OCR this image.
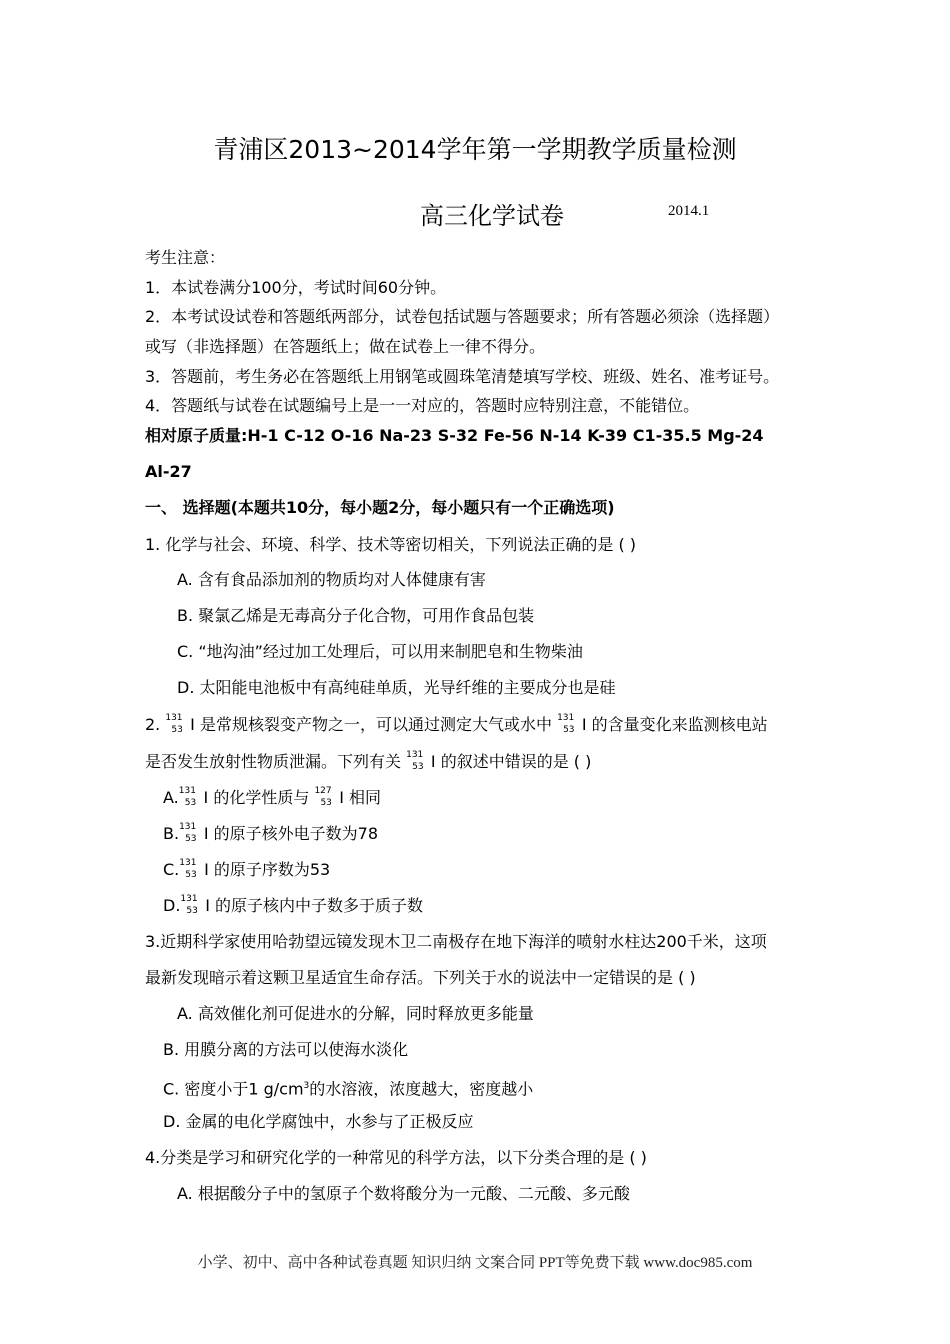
青浦区2013~2014学年第一学期教学质量检测
高三化学试卷	2014.1
考生注意：
1．本试卷满分100分，考试时间60分钟。
2．本考试设试卷和答题纸两部分，试卷包括试题与答题要求；所有答题必须涂（选择题）
或写（非选择题）在答题纸上；做在试卷上一律不得分。
3．答题前，考生务必在答题纸上用钢笔或圆珠笔清楚填写学校、班级、姓名、准考证号。
4．答题纸与试卷在试题编号上是一一对应的，答题时应特别注意，不能错位。
相对原子质量:H-1 C-12 O-16 Na-23 S-32 Fe-56 N-14 K-39 C1-35.5 Mg-24
Al-27
一、 选择题(本题共10分，每小题2分，每小题只有一个正确选项)
1. 化学与社会、环境、科学、技术等密切相关，下列说法正确的是 ( )
A. 含有食品添加剂的物质均对人体健康有害
B. 聚氯乙烯是无毒高分子化合物，可用作食品包装
C. “地沟油”经过加工处理后，可以用来制肥皂和生物柴油
D. 太阳能电池板中有高纯硅单质，光导纤维的主要成分也是硅
2. 131
53 I 是常规核裂变产物之一，可以通过测定大气或水中 131
53 I 的含量变化来监测核电站
是否发生放射性物质泄漏。下列有关 131
53 I 的叙述中错误的是 ( )
A. 131
53 I 的化学性质与 127
53 I 相同
B. 131
53 I 的原子核外电子数为78
C. 131
53 I 的原子序数为53
D. 131
53 I 的原子核内中子数多于质子数
3.近期科学家使用哈勃望远镜发现木卫二南极存在地下海洋的喷射水柱达200千米，这项
最新发现暗示着这颗卫星适宜生命存活。下列关于水的说法中一定错误的是 ( )
A. 高效催化剂可促进水的分解，同时释放更多能量
B. 用膜分离的方法可以使海水淡化
C. 密度小于1 $g/cm^3$的水溶液，浓度越大，密度越小
D. 金属的电化学腐蚀中，水参与了正极反应
4.分类是学习和研究化学的一种常见的科学方法，以下分类合理的是 ( )
A. 根据酸分子中的氢原子个数将酸分为一元酸、二元酸、多元酸
小学、初中、高中各种试卷真题 知识归纳 文案合同 PPT等免费下载 www.doc985.com
